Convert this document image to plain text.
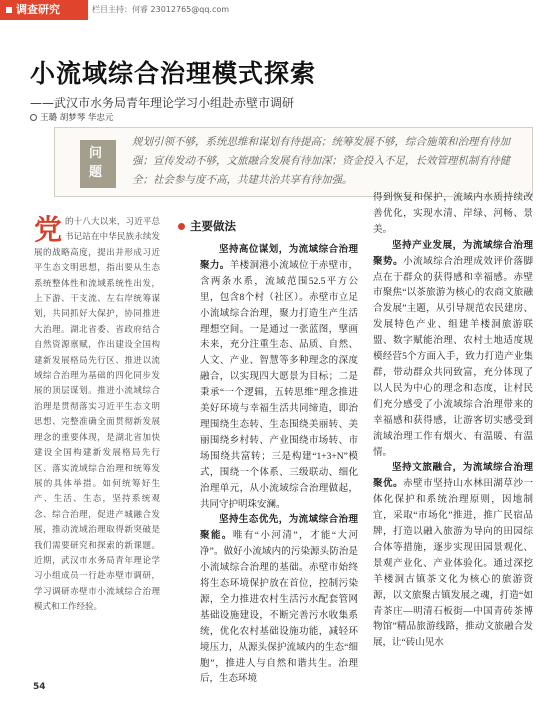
调查研究	栏目主持：何睿 23012765@qq.com
小流域综合治理模式探索
——武汉市水务局青年理论学习小组赴赤壁市调研
王璐 胡梦琴 华忠元
问
题
规划引领不够，系统思维和谋划有待提高；统筹发展不够，综合施策和治理有待加强；宣传发动不够，文旅融合发展有待加深；资金投入不足，长效管理机制有待健全；社会参与度不高，共建共治共享有待加强。
党的十八大以来，习近平总书记站在中华民族永续发展的战略高度，提出并形成习近平生态文明思想，指出要从生态系统整体性和流域系统性出发，上下游、干支流、左右岸统筹谋划，共同抓好大保护，协同推进大治理。湖北省委、省政府结合自然资源禀赋，作出建设全国构建新发展格局先行区、推进以流域综合治理为基础的四化同步发展的顶层谋划。推进小流域综合治理是贯彻落实习近平生态文明思想、完整准确全面贯彻新发展理念的重要体现，是湖北省加快建设全国构建新发展格局先行区、落实流域综合治理和统筹发展的具体举措。如何统筹好生产、生活、生态，坚持系统观念、综合治理，促进产城融合发展，推动流域治理取得新突破是我们需要研究和探索的新课题。近期，武汉市水务局青年理论学习小组成员一行赴赤壁市调研，学习调研赤壁市小流域综合治理模式和工作经验。
主要做法

坚持高位谋划，为流域综合治理聚力。羊楼洞港小流域位于赤壁市，含两条水系，流域范围52.5平方公里，包含8个村（社区）。赤壁市立足小流域综合治理，聚力打造生产生活理想空间。一是通过一张蓝图，擘画未来，充分注重生态、品质、自然、人文、产业、智慧等多种理念的深度融合，以实现四大愿景为目标；二是秉承“一个逻辑，五转思维”理念推进美好环境与幸福生活共同缔造，即治理围绕生态转、生态围绕美丽转、美丽围绕乡村转、产业围绕市场转、市场围绕共富转；三是构建“1+3+N”模式，围绕一个体系、三级联动、细化治理单元，从小流域综合治理做起，共同守护明珠安澜。

坚持生态优先，为流域综合治理聚能。唯有“小河清”，才能“大河净”。做好小流域内的污染源头防治是小流域综合治理的基础。赤壁市始终将生态环境保护放在首位，控制污染源，全力推进农村生活污水配套管网基础设施建设，不断完善污水收集系统，优化农村基础设施功能，减轻环境压力，从源头保护流域内的生态“细胞”，推进人与自然和谐共生。治理后，生态环境

得到恢复和保护，流域内水质持续改善优化，实现水清、岸绿、河畅、景美。

坚持产业发展，为流域综合治理聚势。小流域综合治理成效评价落脚点在于群众的获得感和幸福感。赤壁市聚焦“以茶旅游为核心的农商文旅融合发展”主题，从引导规范农民建房、发展特色产业、组建羊楼洞旅游联盟、数字赋能治理、农村土地适度规模经营5个方面入手，致力打造产业集群，带动群众共同致富，充分体现了以人民为中心的理念和态度，让村民们充分感受了小流域综合治理带来的幸福感和获得感，让游客切实感受到流域治理工作有烟火、有温暖、有温情。

坚持文旅融合，为流域综合治理聚优。赤壁市坚持山水林田湖草沙一体化保护和系统治理原则，因地制宜，采取“市场化”推进，推广民宿品牌，打造以融入旅游为导向的田园综合体等措施，逐步实现田园景观化、景观产业化、产业体验化。通过深挖羊楼洞古镇茶文化为核心的旅游资源，以文旅聚古镇发展之魂，打造“如青茶庄—明清石板街—中国青砖茶博物馆”精品旅游线路，推动文旅融合发展，让“砖山见水

54
